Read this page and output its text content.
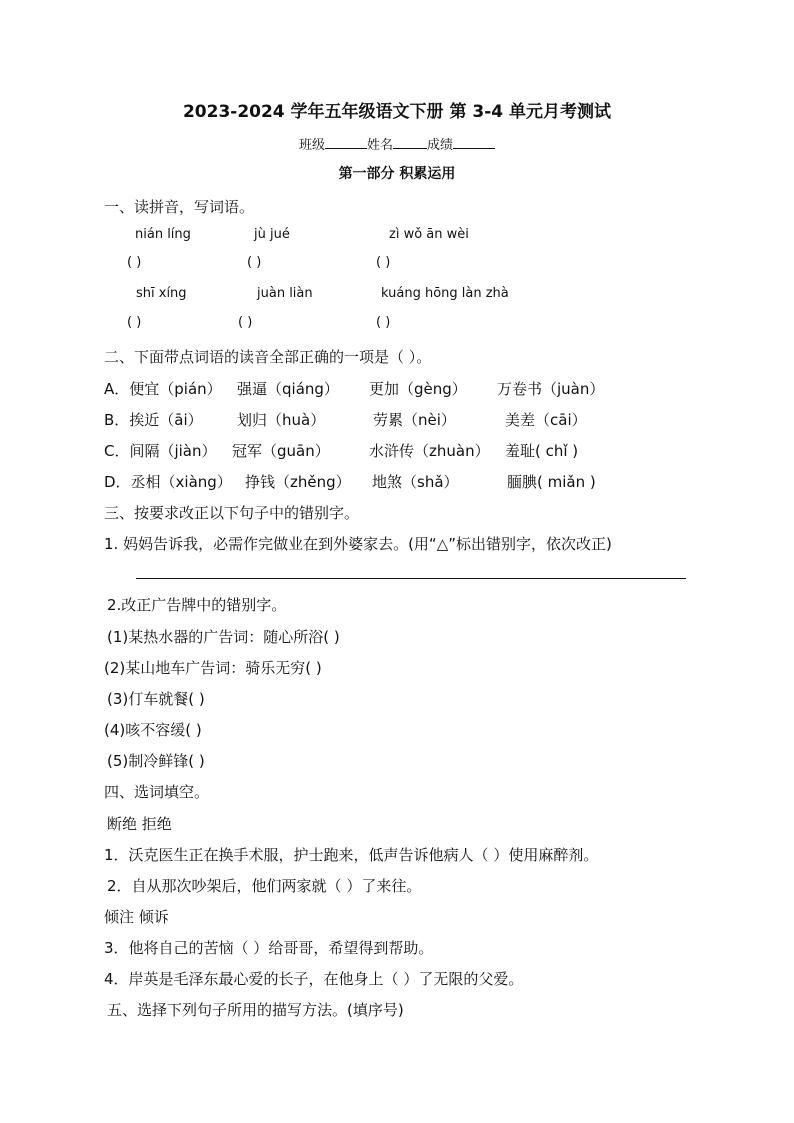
2023-2024 学年五年级语文下册 第 3-4 单元月考测试
班级	姓名	成绩
第一部分 积累运用
一、读拼音，写词语。
nián líng	jù jué	zì wǒ ān wèi
( )	( )	( )
shī xíng	juàn liàn	kuáng hōng làn zhà
( )	( )	( )
二、下面带点词语的读音全部正确的一项是（ ）。
A．便宜（pián） 强逼（qiáng） 更加（gèng） 万卷书（juàn）
B．挨近（āi） 划归（huà）	劳累（nèi）	美差（cāi）
C．间隔（jiàn） 冠军（guān）	水浒传（zhuàn） 羞耻( chǐ )
D．丞相（xiàng） 挣钱（zhěng） 地煞（shǎ）	腼腆( miǎn )
三、按要求改正以下句子中的错别字。
1. 妈妈告诉我，必需作完做业在到外婆家去。(用“△”标出错别字，依次改正)
2.改正广告牌中的错别字。
(1)某热水器的广告词：随心所浴( )
(2)某山地车广告词：骑乐无穷( )
(3)仃车就餐( )
(4)咳不容缓( )
(5)制冷鲜锋( )
四、选词填空。
断绝 拒绝
1．沃克医生正在换手术服，护士跑来，低声告诉他病人（ ）使用麻醉剂。
2．自从那次吵架后，他们两家就（ ）了来往。
倾注 倾诉
3．他将自己的苦恼（ ）给哥哥，希望得到帮助。
4．岸英是毛泽东最心爱的长子，在他身上（ ）了无限的父爱。
五、选择下列句子所用的描写方法。(填序号)
